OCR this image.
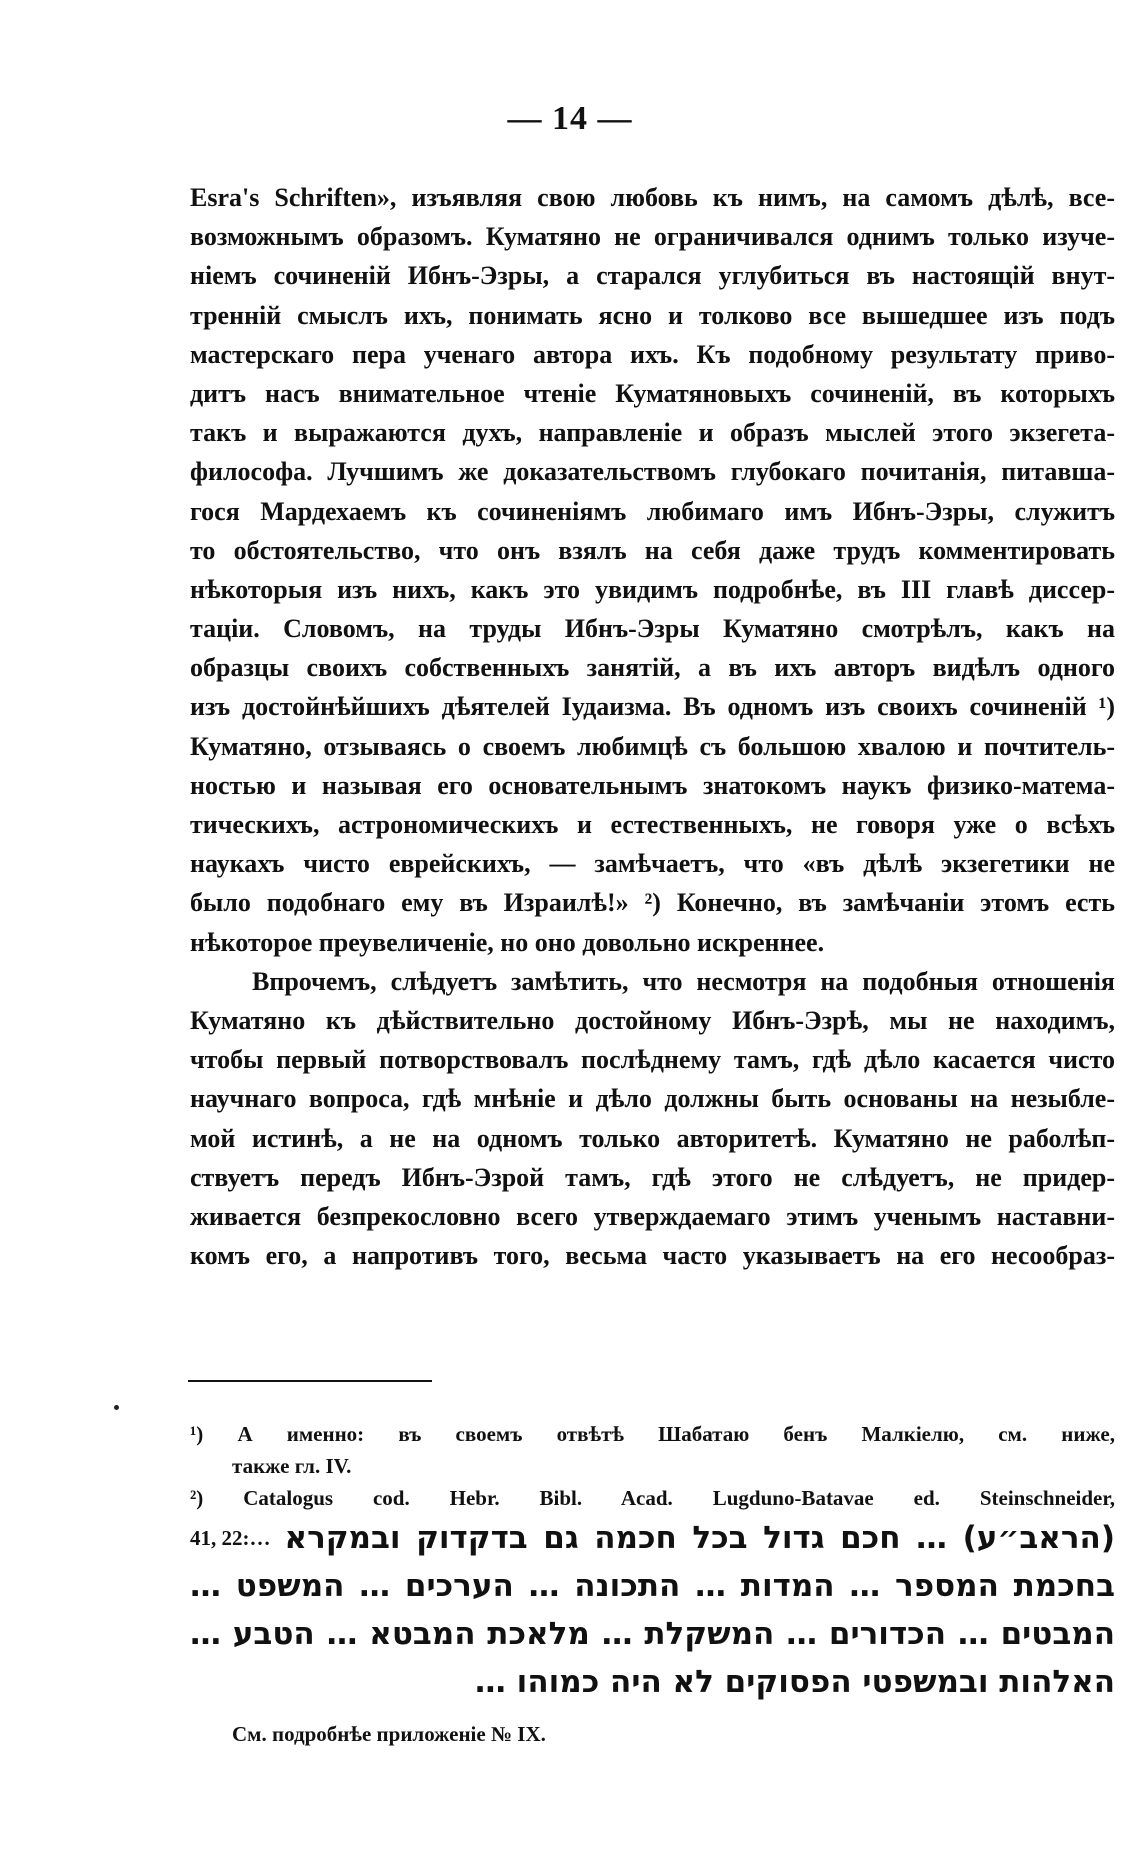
— 14 —
Esra's Schriften», изъявляя свою любовь къ нимъ, на самомъ дѣлѣ, все-
возможнымъ образомъ. Куматяно не ограничивался однимъ только изуче-
ніемъ сочиненій Ибнъ-Эзры, а старался углубиться въ настоящій внут-
тренній смыслъ ихъ, понимать ясно и толково все вышедшее изъ подъ
мастерскаго пера ученаго автора ихъ. Къ подобному результату приво-
дитъ насъ внимательное чтеніе Куматяновыхъ сочиненій, въ которыхъ
такъ и выражаются духъ, направленіе и образъ мыслей этого экзегета-
философа. Лучшимъ же доказательствомъ глубокаго почитанія, питавша-
гося Мардехаемъ къ сочиненіямъ любимаго имъ Ибнъ-Эзры, служитъ
то обстоятельство, что онъ взялъ на себя даже трудъ комментировать
нѣкоторыя изъ нихъ, какъ это увидимъ подробнѣе, въ III главѣ диссер-
таціи. Словомъ, на труды Ибнъ-Эзры Куматяно смотрѣлъ, какъ на
образцы своихъ собственныхъ занятій, а въ ихъ авторъ видѣлъ одного
изъ достойнѣйшихъ дѣятелей Іудаизма. Въ одномъ изъ своихъ сочиненій ¹)
Куматяно, отзываясь о своемъ любимцѣ съ большою хвалою и почтитель-
ностью и называя его основательнымъ знатокомъ наукъ физико-матема-
тическихъ, астрономическихъ и естественныхъ, не говоря уже о всѣхъ
наукахъ чисто еврейскихъ, — замѣчаетъ, что «въ дѣлѣ экзегетики не
было подобнаго ему въ Израилѣ!» ²) Конечно, въ замѣчаніи этомъ есть
нѣкоторое преувеличеніе, но оно довольно искреннее.
Впрочемъ, слѣдуетъ замѣтить, что несмотря на подобныя отношенія
Куматяно къ дѣйствительно достойному Ибнъ-Эзрѣ, мы не находимъ,
чтобы первый потворствовалъ послѣднему тамъ, гдѣ дѣло касается чисто
научнаго вопроса, гдѣ мнѣніе и дѣло должны быть основаны на незыбле-
мой истинѣ, а не на одномъ только авторитетѣ. Куматяно не раболѣп-
ствуетъ передъ Ибнъ-Эзрой тамъ, гдѣ этого не слѣдуетъ, не придер-
живается безпрекословно всего утверждаемаго этимъ ученымъ наставни-
комъ его, а напротивъ того, весьма часто указываетъ на его несообраз-
¹) А именно: въ своемъ отвѣтѣ Шабатаю бенъ Малкіелю, см. ниже,
также гл. IV.
²) Catalogus cod. Hebr. Bibl. Acad. Lugduno-Batavae ed. Steinschneider,
41, 22:… (הראב״ע) … חכם גדול בכל חכמה גם בדקדוק ובמקרא
בחכמת המספר … המדות … התכונה … הערכים … המשפט …
המבטים … הכדורים … המשקלת … מלאכת המבטא … הטבע …
האלהות ובמשפטי הפסוקים לא היה כמוהו …
См. подробнѣе приложеніе № IX.
